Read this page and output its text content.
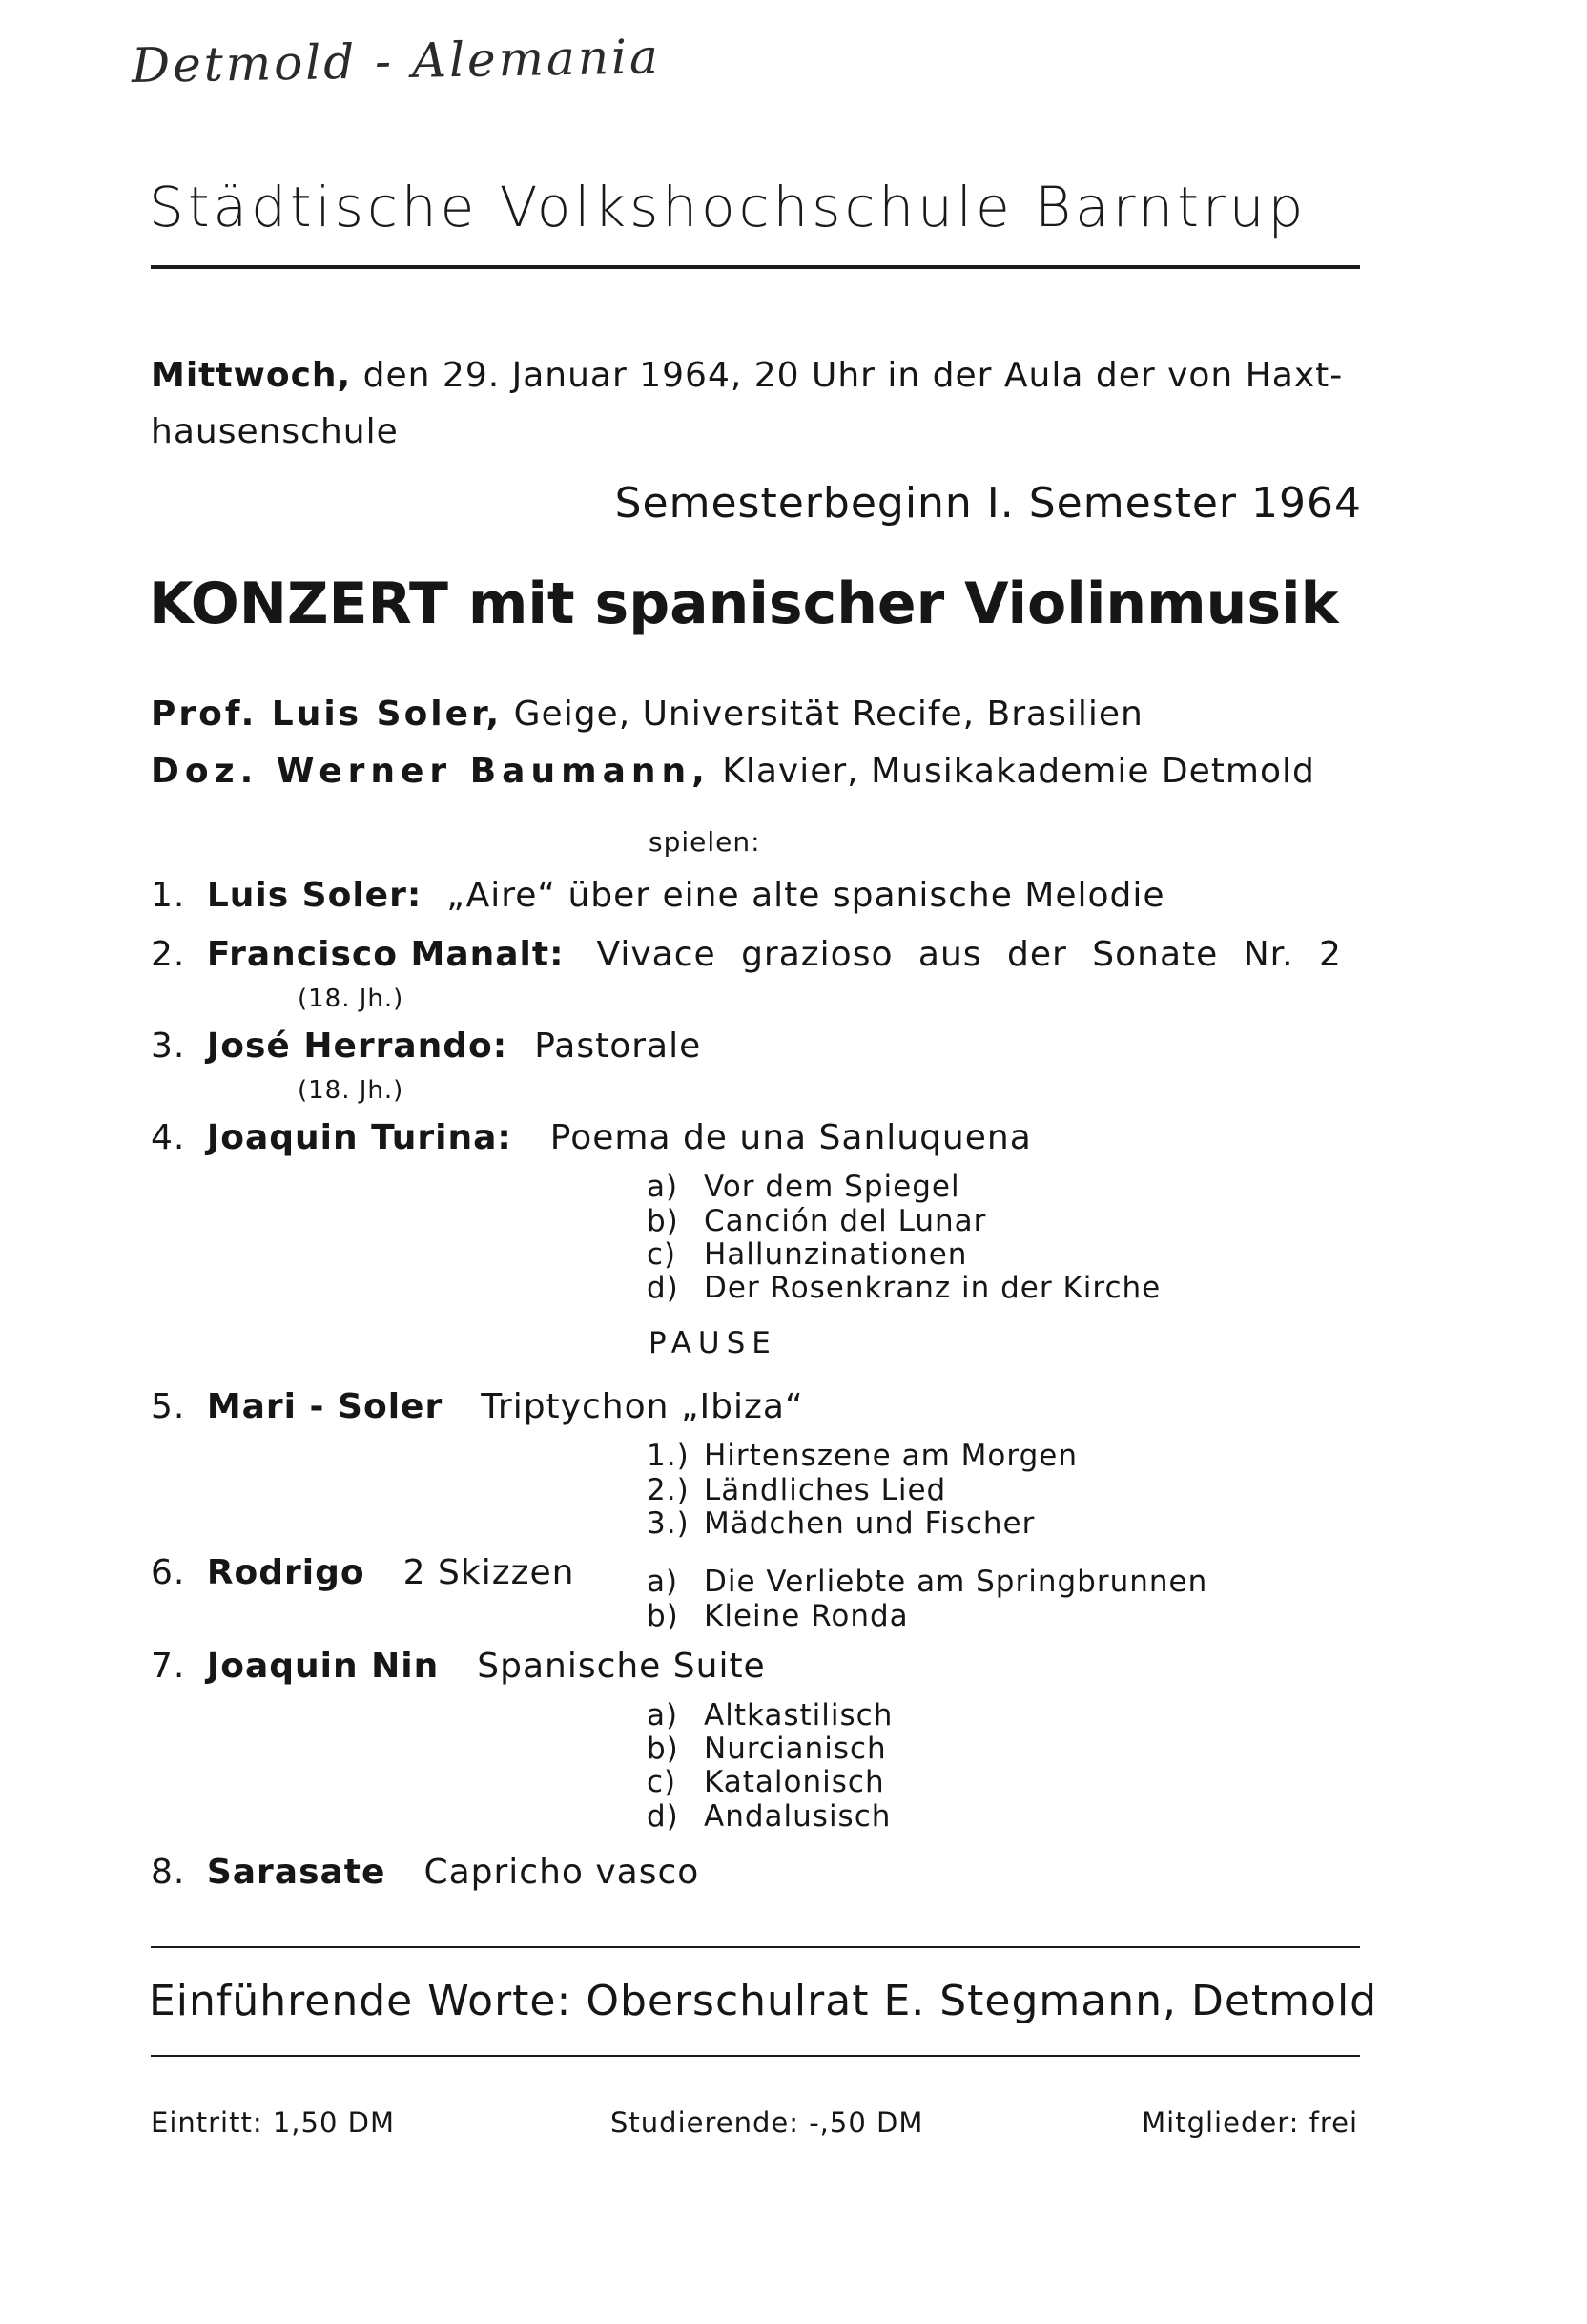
Detmold - Alemania
Städtische Volkshochschule Barntrup
Mittwoch, den 29. Januar 1964, 20 Uhr in der Aula der von Haxt-
hausenschule
Semesterbeginn I. Semester 1964
KONZERT mit spanischer Violinmusik
Prof. Luis Soler, Geige, Universität Recife, Brasilien
Doz. Werner Baumann, Klavier, Musikakademie Detmold
spielen:
1. Luis Soler: „Aire“ über eine alte spanische Melodie
2. Francisco Manalt: Vivace grazioso aus der Sonate Nr. 2
(18. Jh.)
3. José Herrando: Pastorale
(18. Jh.)
4. Joaquin Turina: Poema de una Sanluquena
a) Vor dem Spiegel
b) Canción del Lunar
c) Hallunzinationen
d) Der Rosenkranz in der Kirche
PAUSE
5. Mari - Soler Triptychon „Ibiza“
1.) Hirtenszene am Morgen
2.) Ländliches Lied
3.) Mädchen und Fischer
6. Rodrigo 2 Skizzen a) Die Verliebte am Springbrunnen
b) Kleine Ronda
7. Joaquin Nin Spanische Suite
a) Altkastilisch
b) Nurcianisch
c) Katalonisch
d) Andalusisch
8. Sarasate Capricho vasco
Einführende Worte: Oberschulrat E. Stegmann, Detmold
Eintritt: 1,50 DM	Studierende: -,50 DM	Mitglieder: frei
